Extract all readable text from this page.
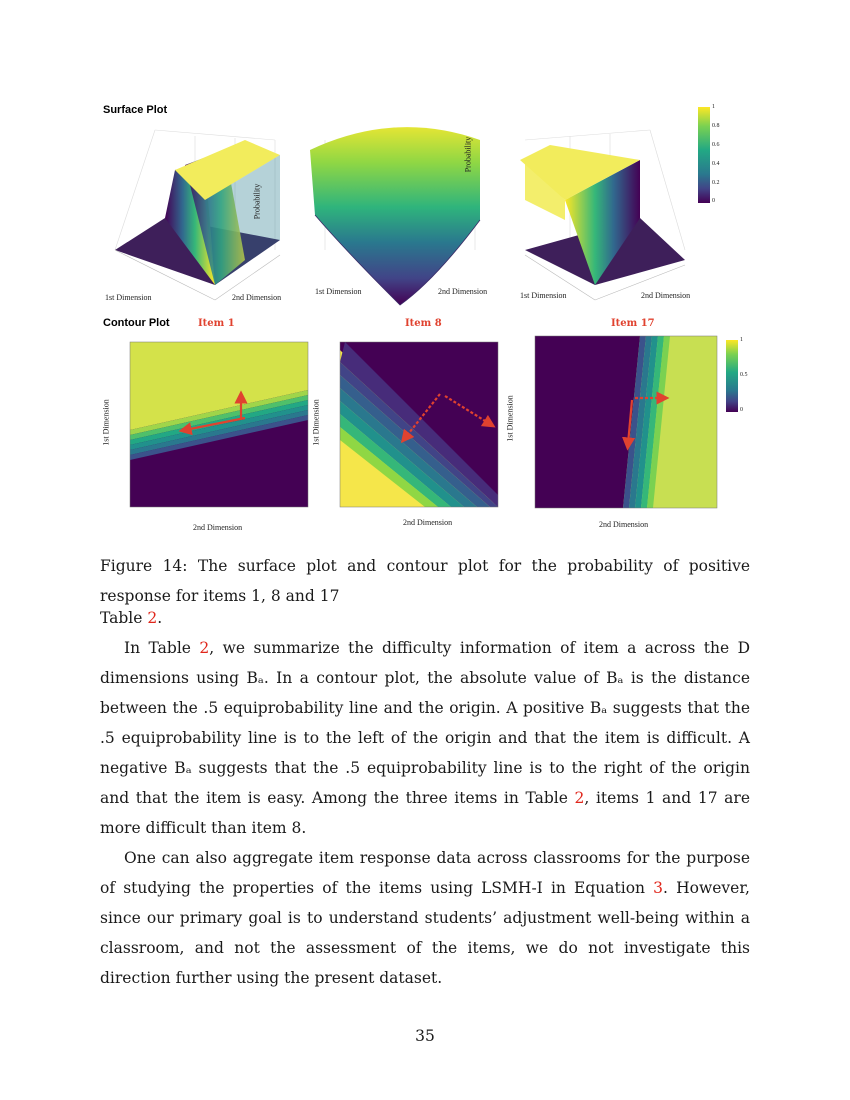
Surface Plot
Contour Plot	Item 1	Item 8	Item 17
1st Dimension	2nd Dimension
Probability
1st Dimension	2nd Dimension
Probability
1st Dimension	2nd Dimension
1st Dimension
2nd Dimension
1st Dimension
2nd Dimension
1st Dimension
2nd Dimension
1
0.8
0.6
0.4
0.2
0
1
0.5
0
Figure 14: The surface plot and contour plot for the probability of positive response for items 1, 8 and 17

Table 2.

In Table 2, we summarize the difficulty information of item a across the D dimensions using Bₐ. In a contour plot, the absolute value of Bₐ is the distance between the .5 equiprobability line and the origin. A positive Bₐ suggests that the .5 equiprobability line is to the left of the origin and that the item is difficult. A negative Bₐ suggests that the .5 equiprobability line is to the right of the origin and that the item is easy. Among the three items in Table 2, items 1 and 17 are more difficult than item 8.

One can also aggregate item response data across classrooms for the purpose of studying the properties of the items using LSMH-I in Equation 3. However, since our primary goal is to understand students’ adjustment well-being within a classroom, and not the assessment of the items, we do not investigate this direction further using the present dataset.

35
